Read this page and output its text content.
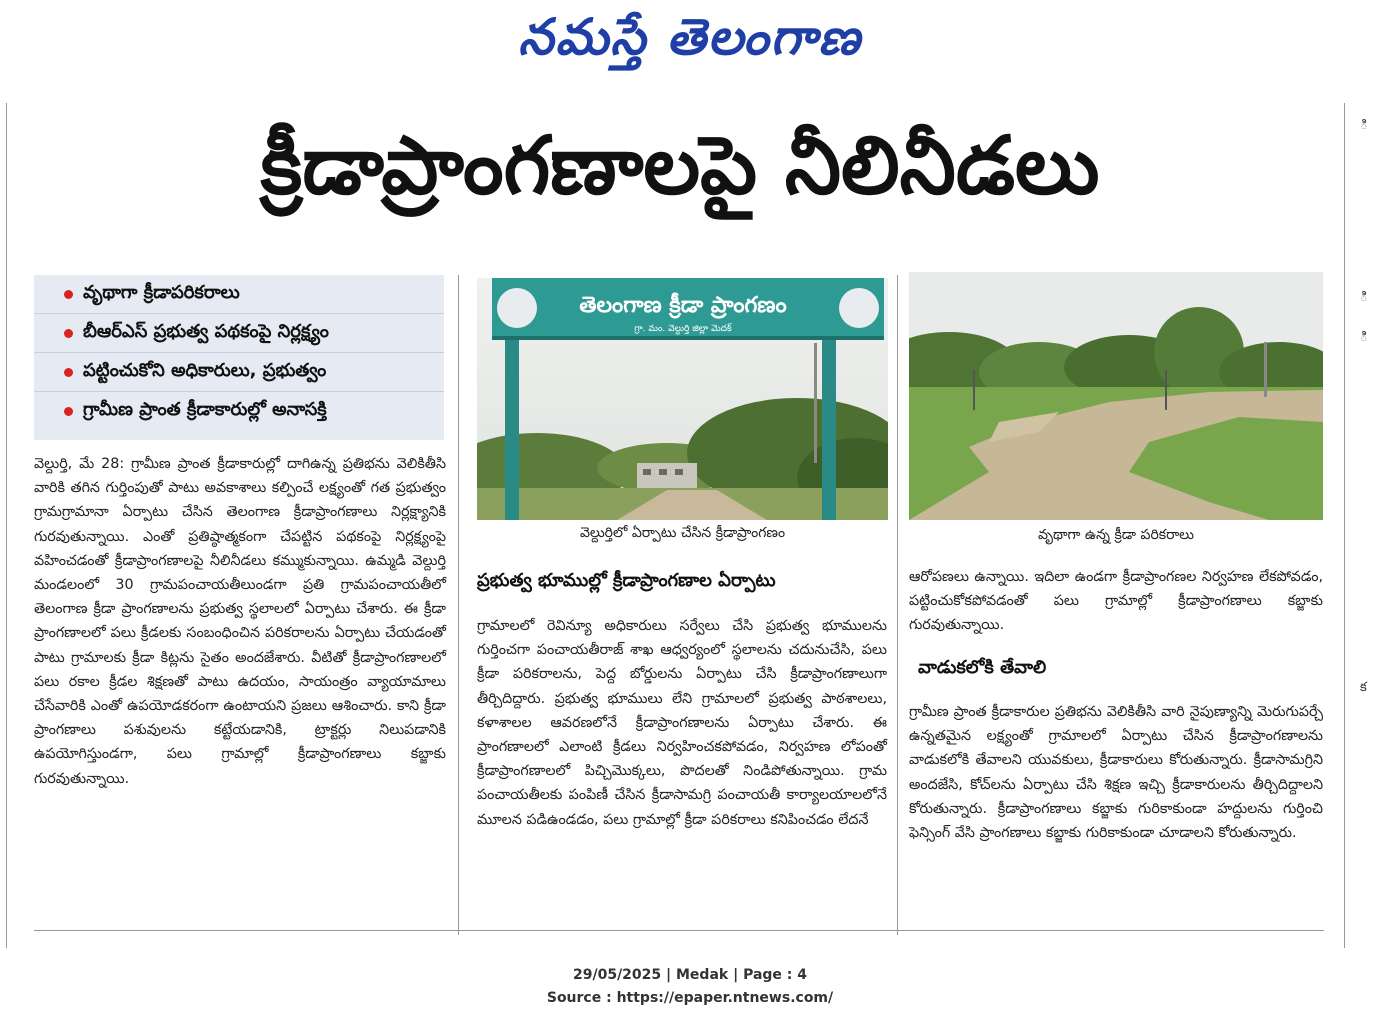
నమస్తే తెలంగాణ
ి
ి
ి
క
క్రీడాప్రాంగణాలపై నీలినీడలు
వృథాగా క్రీడాపరికరాలు
బీఆర్ఎస్ ప్రభుత్వ పథకంపై నిర్లక్ష్యం
పట్టించుకోని అధికారులు, ప్రభుత్వం
గ్రామీణ ప్రాంత క్రీడాకారుల్లో అనాసక్తి

వెల్దుర్తి, మే 28: గ్రామీణ ప్రాంత క్రీడాకారుల్లో దాగిఉన్న ప్రతిభను వెలికితీసి వారికి తగిన గుర్తింపుతో పాటు అవకాశాలు కల్పించే లక్ష్యంతో గత ప్రభుత్వం గ్రామగ్రామానా ఏర్పాటు చేసిన తెలంగాణ క్రీడాప్రాంగణాలు నిర్లక్ష్యానికి గురవుతున్నాయి. ఎంతో ప్రతిష్ఠాత్మకంగా చేపట్టిన పథకంపై నిర్లక్ష్యంపై వహించడంతో క్రీడాప్రాంగణాలపై నీలినీడలు కమ్ముకున్నాయి. ఉమ్మడి వెల్దుర్తి మండలంలో 30 గ్రామపంచాయతీలుండగా ప్రతి గ్రామపంచాయతీలో తెలంగాణ క్రీడా ప్రాంగణాలను ప్రభుత్వ స్థలాలలో ఏర్పాటు చేశారు. ఈ క్రీడా ప్రాంగణాలలో పలు క్రీడలకు సంబంధించిన పరికరాలను ఏర్పాటు చేయడంతో పాటు గ్రామాలకు క్రీడా కిట్లను సైతం అందజేశారు. వీటితో క్రీడాప్రాంగణాలలో పలు రకాల క్రీడల శిక్షణతో పాటు ఉదయం, సాయంత్రం వ్యాయామాలు చేసేవారికి ఎంతో ఉపయోడకరంగా ఉంటాయని ప్రజలు ఆశించారు. కాని క్రీడా ప్రాంగణాలు పశువులను కట్టేయడానికి, ట్రాక్టర్లు నిలుపడానికి ఉపయోగిస్తుండగా, పలు గ్రామాల్లో క్రీడాప్రాంగణాలు కబ్జాకు గురవుతున్నాయి.

తెలంగాణ క్రీడా ప్రాంగణం
గ్రా. మం. వెల్దుర్తి జిల్లా మెదక్
వెల్దుర్తిలో ఏర్పాటు చేసిన క్రీడాప్రాంగణం	వృథాగా ఉన్న క్రీడా పరికరాలు
ప్రభుత్వ భూముల్లో క్రీడాప్రాంగణాల ఏర్పాటు

గ్రామాలలో రెవిన్యూ అధికారులు సర్వేలు చేసి ప్రభుత్వ భూములను గుర్తించగా పంచాయతీరాజ్ శాఖ ఆధ్వర్యంలో స్థలాలను చదునుచేసి, పలు క్రీడా పరికరాలను, పెద్ద బోర్డులను ఏర్పాటు చేసి క్రీడాప్రాంగణాలుగా తీర్చిదిద్దారు. ప్రభుత్వ భూములు లేని గ్రామాలలో ప్రభుత్వ పాఠశాలలు, కళాశాలల ఆవరణలోనే క్రీడాప్రాంగణాలను ఏర్పాటు చేశారు. ఈ ప్రాంగణాలలో ఎలాంటి క్రీడలు నిర్వహించకపోవడం, నిర్వహణ లోపంతో క్రీడాప్రాంగణాలలో పిచ్చిమొక్కలు, పొదలతో నిండిపోతున్నాయి. గ్రామ పంచాయతీలకు పంపిణీ చేసిన క్రీడాసామగ్రి పంచాయతీ కార్యాలయాలలోనే మూలన పడిఉండడం, పలు గ్రామాల్లో క్రీడా పరికరాలు కనిపించడం లేదనే

ఆరోపణలు ఉన్నాయి. ఇదిలా ఉండగా క్రీడాప్రాంగణల నిర్వహణ లేకపోవడం, పట్టించుకోకపోవడంతో పలు గ్రామాల్లో క్రీడాప్రాంగణాలు కబ్జాకు గురవుతున్నాయి.

వాడుకలోకి తేవాలి

గ్రామీణ ప్రాంత క్రీడాకారుల ప్రతిభను వెలికితీసి వారి నైపుణ్యాన్ని మెరుగుపర్చే ఉన్నతమైన లక్ష్యంతో గ్రామాలలో ఏర్పాటు చేసిన క్రీడాప్రాంగణాలను వాడుకలోకి తేవాలని యువకులు, క్రీడాకారులు కోరుతున్నారు. క్రీడాసామగ్రిని అందజేసి, కోచ్‌లను ఏర్పాటు చేసి శిక్షణ ఇచ్చి క్రీడాకారులను తీర్చిదిద్దాలని కోరుతున్నారు. క్రీడాప్రాంగణాలు కబ్జాకు గురికాకుండా హద్దులను గుర్తించి ఫెన్సింగ్ వేసి ప్రాంగణాలు కబ్జాకు గురికాకుండా చూడాలని కోరుతున్నారు.

29/05/2025 | Medak | Page : 4
Source : https://epaper.ntnews.com/
